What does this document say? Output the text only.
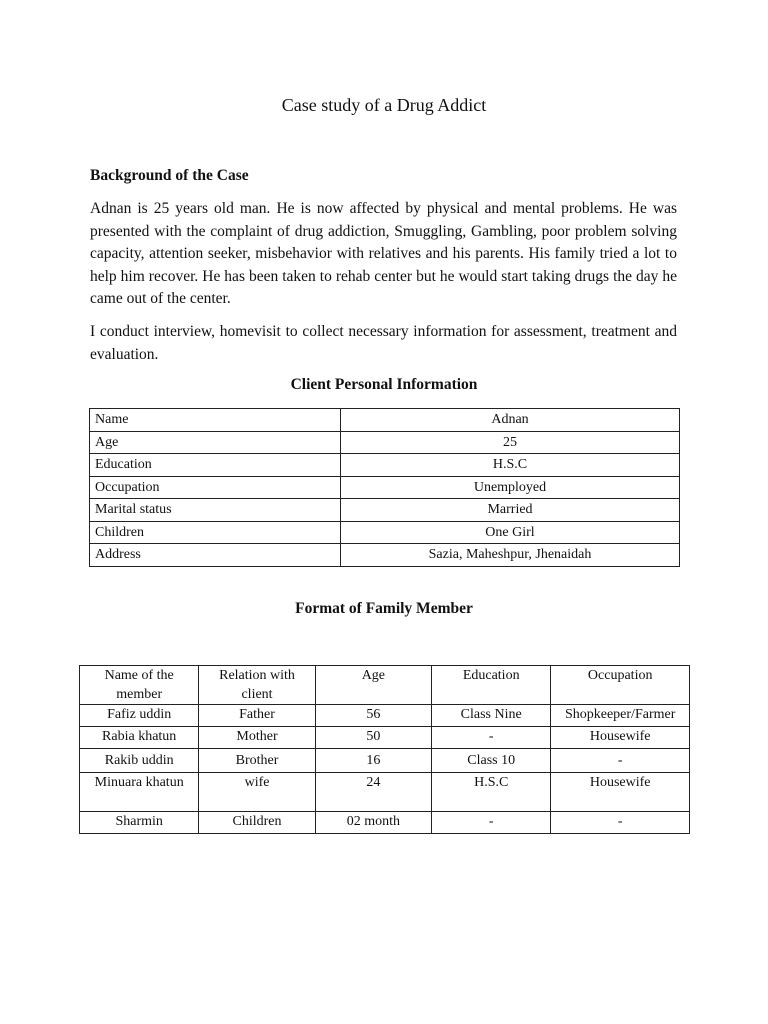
Case study of a Drug Addict
Background of the Case

Adnan is 25 years old man. He is now affected by physical and mental problems. He was presented with the complaint of drug addiction, Smuggling, Gambling, poor problem solving capacity, attention seeker, misbehavior with relatives and his parents. His family tried a lot to help him recover. He has been taken to rehab center but he would start taking drugs the day he came out of the center.

I conduct interview, homevisit to collect necessary information for assessment, treatment and evaluation.

Client Personal Information
Name	Adnan
Age	25
Education	H.S.C
Occupation	Unemployed
Marital status	Married
Children	One Girl
Address	Sazia, Maheshpur, Jhenaidah
Format of Family Member
Name of the member	Relation with client	Age	Education	Occupation
Fafiz uddin	Father	56	Class Nine	Shopkeeper/Farmer
Rabia khatun	Mother	50	-	Housewife
Rakib uddin	Brother	16	Class 10	-
Minuara khatun	wife	24	H.S.C	Housewife
Sharmin	Children	02 month	-	-
